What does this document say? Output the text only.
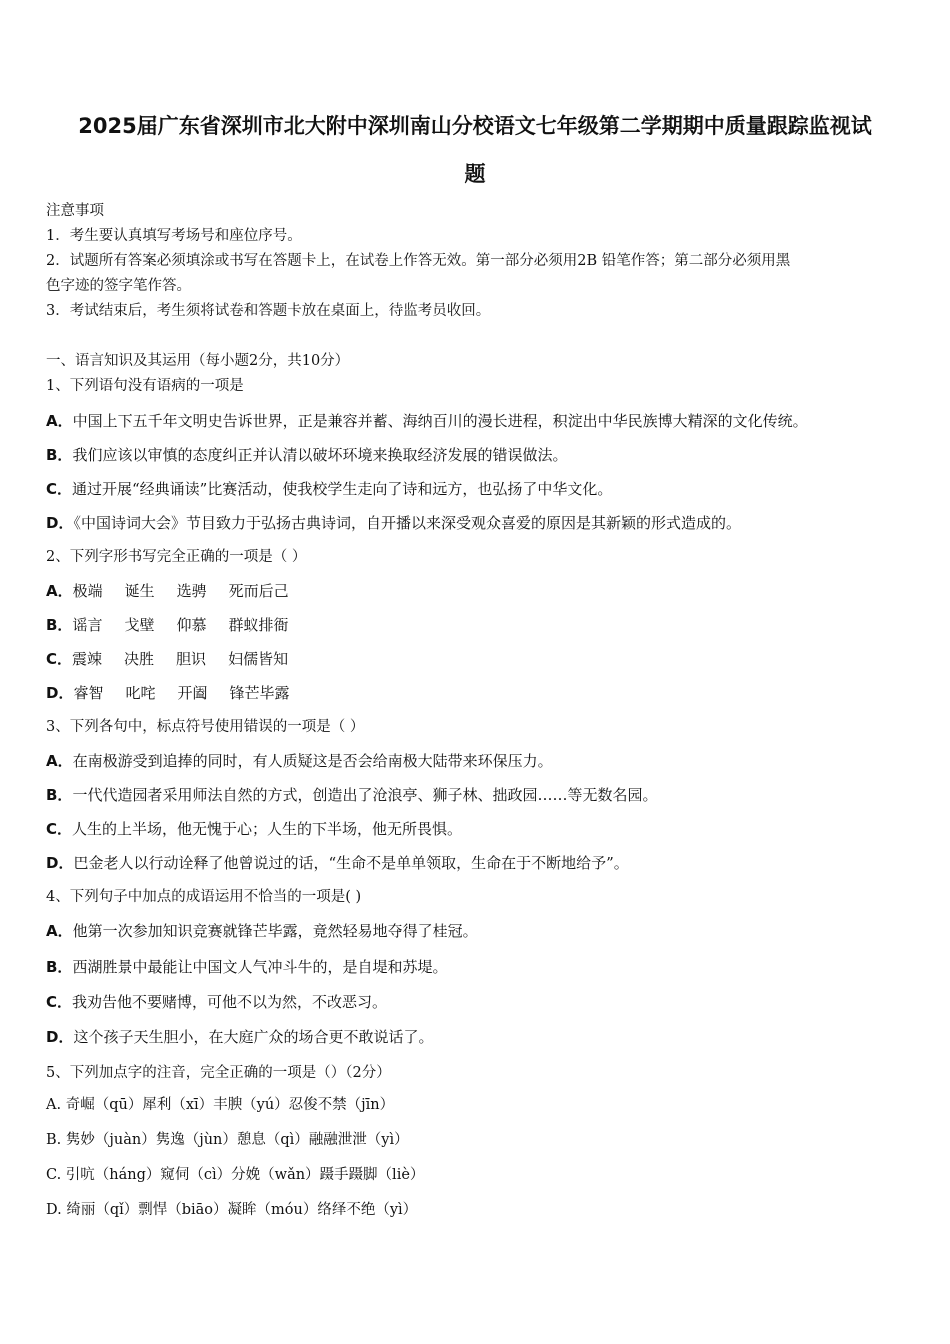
2025届广东省深圳市北大附中深圳南山分校语文七年级第二学期期中质量跟踪监视试
题
注意事项
1．考生要认真填写考场号和座位序号。
2．试题所有答案必须填涂或书写在答题卡上，在试卷上作答无效。第一部分必须用2B 铅笔作答；第二部分必须用黑
色字迹的签字笔作答。
3．考试结束后，考生须将试卷和答题卡放在桌面上，待监考员收回。
一、语言知识及其运用（每小题2分，共10分）
1、下列语句没有语病的一项是
A．中国上下五千年文明史告诉世界，正是兼容并蓄、海纳百川的漫长进程，积淀出中华民族博大精深的文化传统。
B．我们应该以审慎的态度纠正并认清以破坏环境来换取经济发展的错误做法。
C．通过开展“经典诵读”比赛活动，使我校学生走向了诗和远方，也弘扬了中华文化。
D．《中国诗词大会》节目致力于弘扬古典诗词，自开播以来深受观众喜爱的原因是其新颖的形式造成的。
2、下列字形书写完全正确的一项是（ ）
A．极端 诞生 选骋 死而后己
B．谣言 戈壁 仰慕 群蚁排衙
C．震竦 决胜 胆识 妇儒皆知
D．睿智 叱咤 开阖 锋芒毕露
3、下列各句中，标点符号使用错误的一项是（ ）
A．在南极游受到追捧的同时，有人质疑这是否会给南极大陆带来环保压力。
B．一代代造园者采用师法自然的方式，创造出了沧浪亭、狮子林、拙政园……等无数名园。
C．人生的上半场，他无愧于心；人生的下半场，他无所畏惧。
D．巴金老人以行动诠释了他曾说过的话，“生命不是单单领取，生命在于不断地给予”。
4、下列句子中加点的成语运用不恰当的一项是( )
A．他第一次参加知识竞赛就锋芒毕露，竟然轻易地夺得了桂冠。
B．西湖胜景中最能让中国文人气冲斗牛的，是自堤和苏堤。
C．我劝告他不要赌博，可他不以为然，不改恶习。
D．这个孩子天生胆小，在大庭广众的场合更不敢说话了。
5、下列加点字的注音，完全正确的一项是（）（2分）
A. 奇崛（qū）犀利（xī）丰腴（yú）忍俊不禁（jīn）
B. 隽妙（juàn）隽逸（jùn）憩息（qì）融融泄泄（yì）
C. 引吭（háng）窥伺（cì）分娩（wǎn）蹑手蹑脚（liè）
D. 绮丽（qǐ）剽悍（biāo）凝眸（móu）络绎不绝（yì）
